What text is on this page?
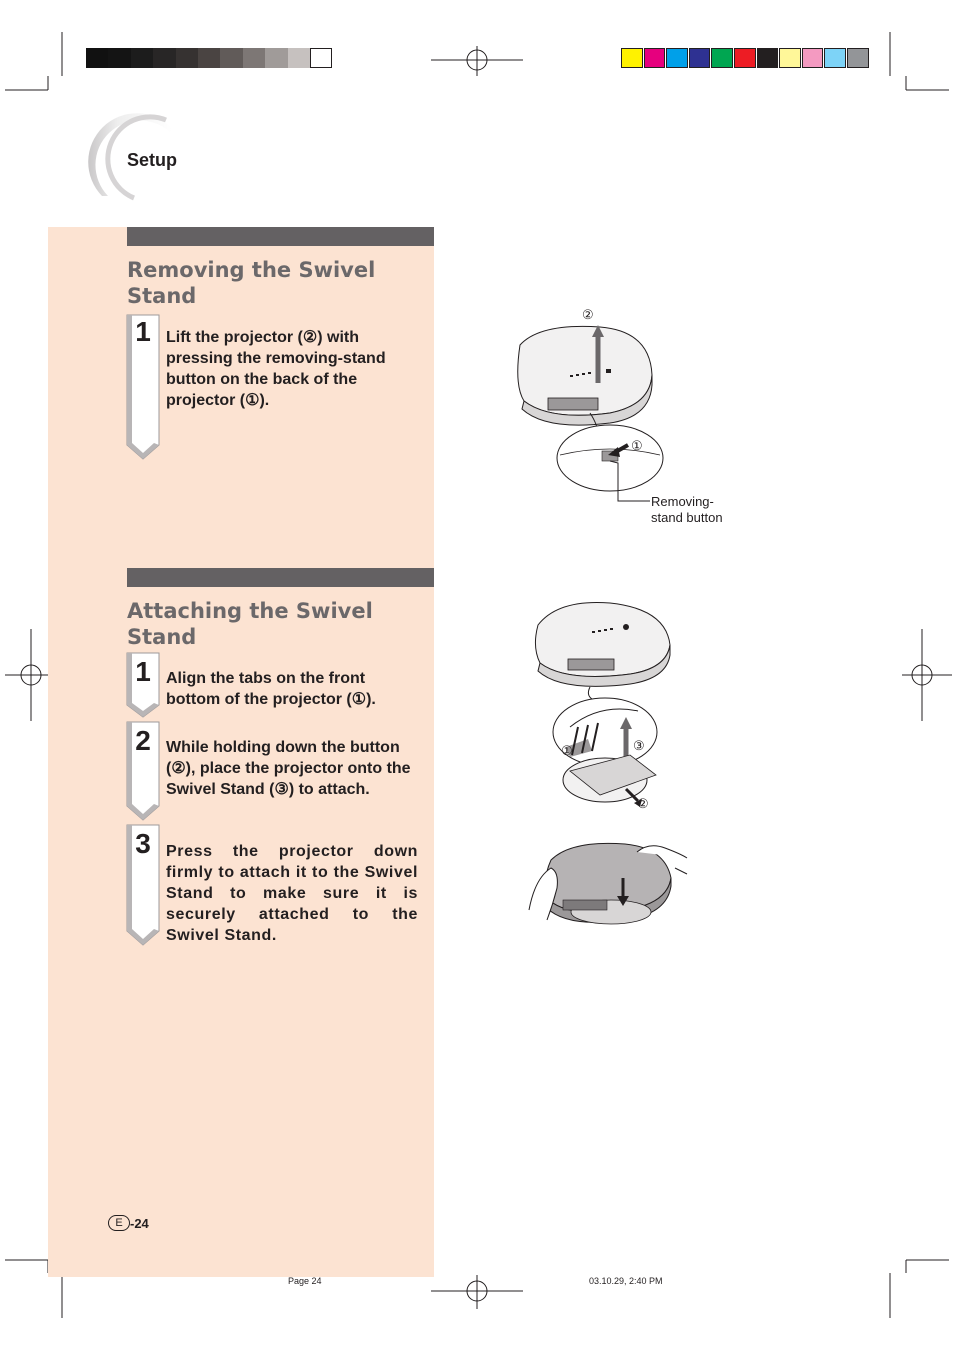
Setup
Removing the Swivel Stand
1 Lift the projector (②) with pressing the removing-stand button on the back of the projector (①).
Attaching the Swivel Stand
1 Align the tabs on the front bottom of the projector (①).
2 While holding down the button (②), place the projector onto the Swivel Stand (③) to attach.
3 Press the projector down firmly to attach it to the Swivel Stand to make sure it is securely attached to the Swivel Stand.
②
①
Removing-stand button
①	③
②
E -24
Page 24	03.10.29, 2:40 PM
